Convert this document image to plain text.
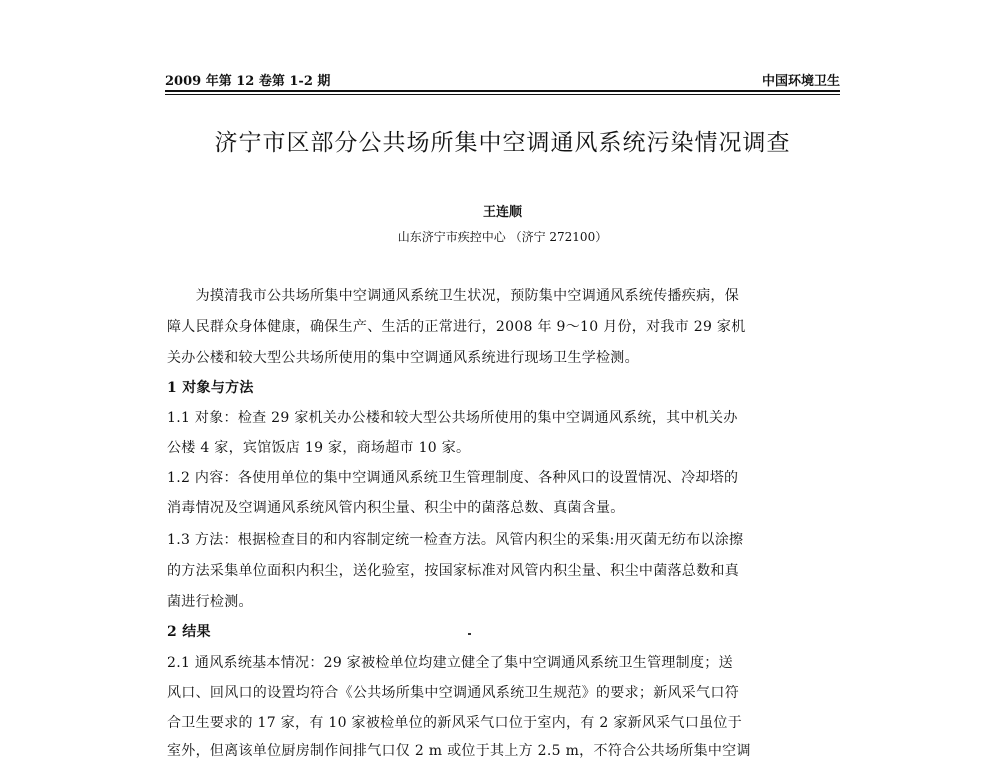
2009 年第 12 卷第 1-2 期	中国环境卫生
济宁市区部分公共场所集中空调通风系统污染情况调查
王连顺
山东济宁市疾控中心 （济宁 272100）
　　为摸清我市公共场所集中空调通风系统卫生状况，预防集中空调通风系统传播疾病，保
障人民群众身体健康，确保生产、生活的正常进行，2008 年 9～10 月份，对我市 29 家机
关办公楼和较大型公共场所使用的集中空调通风系统进行现场卫生学检测。
1 对象与方法
1.1 对象：检查 29 家机关办公楼和较大型公共场所使用的集中空调通风系统，其中机关办
公楼 4 家，宾馆饭店 19 家，商场超市 10 家。
1.2 内容：各使用单位的集中空调通风系统卫生管理制度、各种风口的设置情况、冷却塔的
消毒情况及空调通风系统风管内积尘量、积尘中的菌落总数、真菌含量。
1.3 方法：根据检查目的和内容制定统一检查方法。风管内积尘的采集:用灭菌无纺布以涂擦
的方法采集单位面积内积尘，送化验室，按国家标准对风管内积尘量、积尘中菌落总数和真
菌进行检测。
2 结果
2.1 通风系统基本情况：29 家被检单位均建立健全了集中空调通风系统卫生管理制度；送
风口、回风口的设置均符合《公共场所集中空调通风系统卫生规范》的要求；新风采气口符
合卫生要求的 17 家，有 10 家被检单位的新风采气口位于室内，有 2 家新风采气口虽位于
室外，但离该单位厨房制作间排气口仅 2 m 或位于其上方 2.5 m，不符合公共场所集中空调
